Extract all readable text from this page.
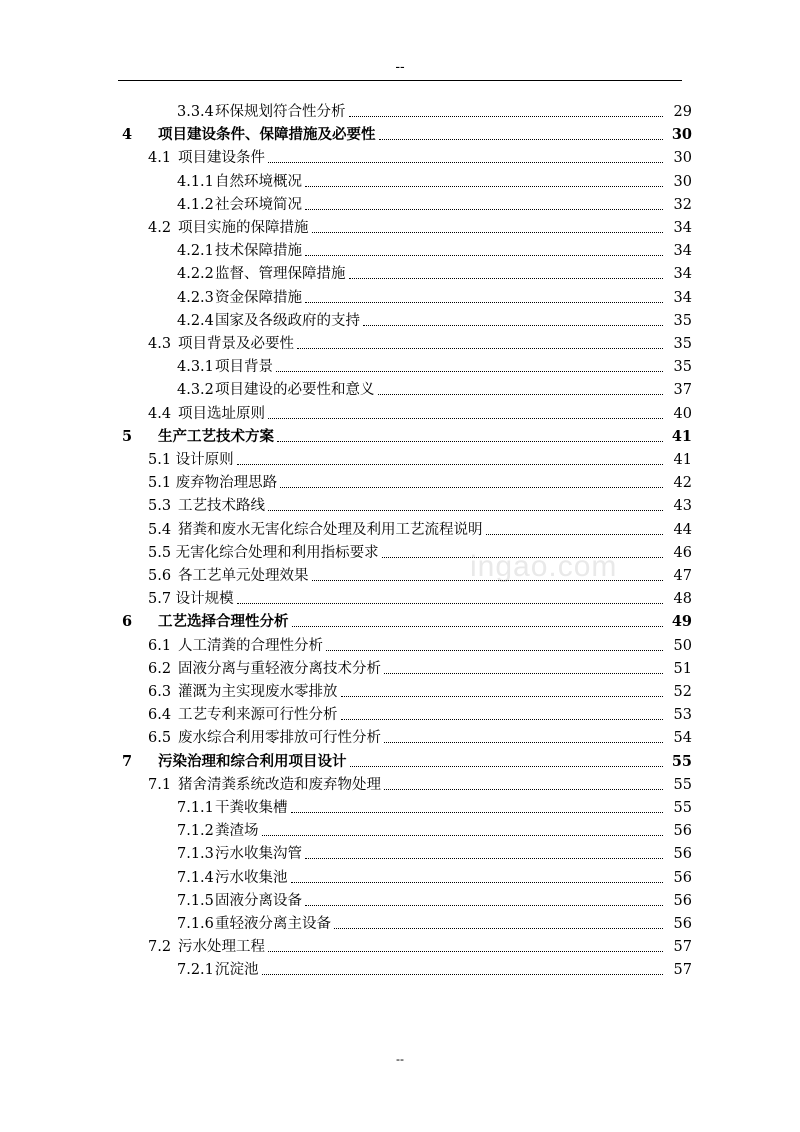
--
ingao.com
3.3.4 环保规划符合性分析	29
4 项目建设条件、保障措施及必要性	30
4.1 项目建设条件	30
4.1.1 自然环境概况	30
4.1.2 社会环境简况	32
4.2 项目实施的保障措施	34
4.2.1 技术保障措施	34
4.2.2 监督、管理保障措施	34
4.2.3 资金保障措施	34
4.2.4 国家及各级政府的支持	35
4.3 项目背景及必要性	35
4.3.1 项目背景	35
4.3.2 项目建设的必要性和意义	37
4.4 项目选址原则	40
5 生产工艺技术方案	41
5.1 设计原则	41
5.1 废弃物治理思路	42
5.3 工艺技术路线	43
5.4 猪粪和废水无害化综合处理及利用工艺流程说明	44
5.5 无害化综合处理和利用指标要求	46
5.6 各工艺单元处理效果	47
5.7 设计规模	48
6 工艺选择合理性分析	49
6.1 人工清粪的合理性分析	50
6.2 固液分离与重轻液分离技术分析	51
6.3 灌溉为主实现废水零排放	52
6.4 工艺专利来源可行性分析	53
6.5 废水综合利用零排放可行性分析	54
7 污染治理和综合利用项目设计	55
7.1 猪舍清粪系统改造和废弃物处理	55
7.1.1 干粪收集槽	55
7.1.2 粪渣场	56
7.1.3 污水收集沟管	56
7.1.4 污水收集池	56
7.1.5 固液分离设备	56
7.1.6 重轻液分离主设备	56
7.2 污水处理工程	57
7.2.1 沉淀池	57
--
